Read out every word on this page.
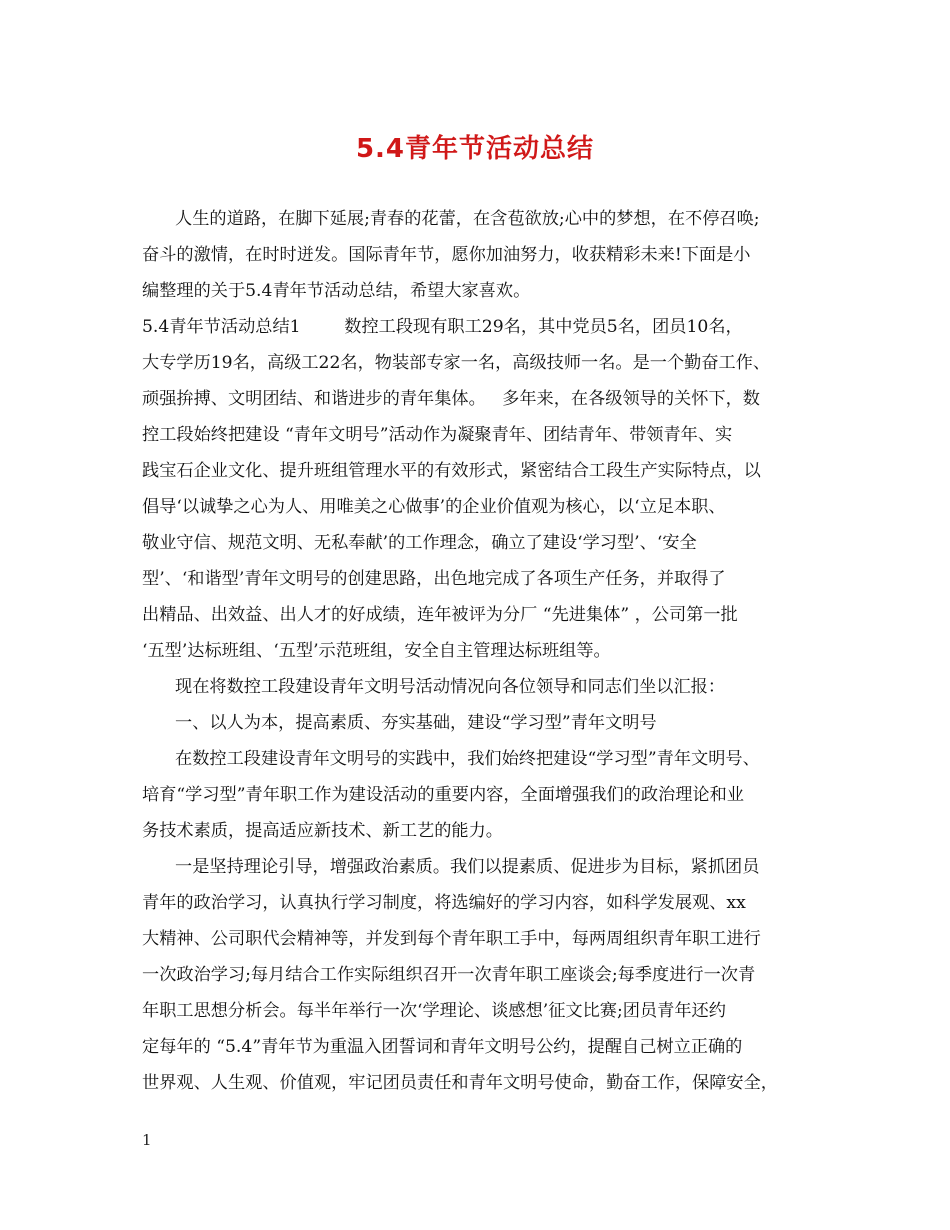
5.4青年节活动总结
人生的道路，在脚下延展;青春的花蕾，在含苞欲放;心中的梦想，在不停召唤;
奋斗的激情，在时时迸发。国际青年节，愿你加油努力，收获精彩未来!下面是小
编整理的关于5.4青年节活动总结，希望大家喜欢。
5.4青年节活动总结1        数控工段现有职工29名，其中党员5名，团员10名，
大专学历19名，高级工22名，物装部专家一名，高级技师一名。是一个勤奋工作、
顽强拚搏、文明团结、和谐进步的青年集体。   多年来，在各级领导的关怀下，数
控工段始终把建设 “青年文明号”活动作为凝聚青年、团结青年、带领青年、实
践宝石企业文化、提升班组管理水平的有效形式，紧密结合工段生产实际特点，以
倡导‘以诚挚之心为人、用唯美之心做事’的企业价值观为核心，以‘立足本职、
敬业守信、规范文明、无私奉献’的工作理念，确立了建设‘学习型’、‘安全
型’、‘和谐型’青年文明号的创建思路，出色地完成了各项生产任务，并取得了
出精品、出效益、出人才的好成绩，连年被评为分厂 “先进集体” ，公司第一批
‘五型’达标班组、‘五型’示范班组，安全自主管理达标班组等。
现在将数控工段建设青年文明号活动情况向各位领导和同志们坐以汇报：
一、以人为本，提高素质、夯实基础，建设“学习型”青年文明号
在数控工段建设青年文明号的实践中，我们始终把建设“学习型”青年文明号、
培育“学习型”青年职工作为建设活动的重要内容，全面增强我们的政治理论和业
务技术素质，提高适应新技术、新工艺的能力。
一是坚持理论引导，增强政治素质。我们以提素质、促进步为目标，紧抓团员
青年的政治学习，认真执行学习制度，将选编好的学习内容，如科学发展观、xx
大精神、公司职代会精神等，并发到每个青年职工手中，每两周组织青年职工进行
一次政治学习;每月结合工作实际组织召开一次青年职工座谈会;每季度进行一次青
年职工思想分析会。每半年举行一次‘学理论、谈感想’征文比赛;团员青年还约
定每年的 “5.4”青年节为重温入团誓词和青年文明号公约，提醒自己树立正确的
世界观、人生观、价值观，牢记团员责任和青年文明号使命，勤奋工作，保障安全，
1
